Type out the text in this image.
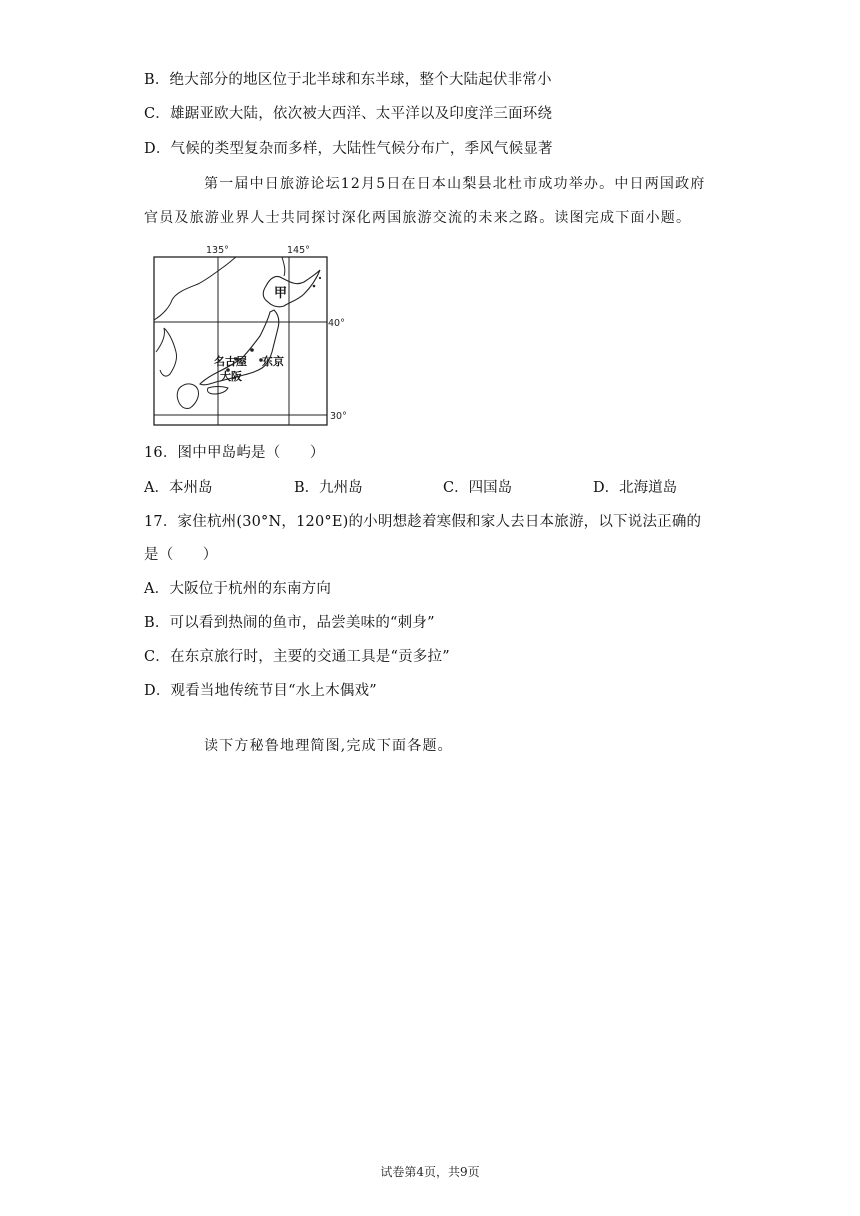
B．绝大部分的地区位于北半球和东半球，整个大陆起伏非常小
C．雄踞亚欧大陆，依次被大西洋、太平洋以及印度洋三面环绕
D．气候的类型复杂而多样，大陆性气候分布广，季风气候显著
第一届中日旅游论坛12月5日在日本山梨县北杜市成功举办。中日两国政府
官员及旅游业界人士共同探讨深化两国旅游交流的未来之路。读图完成下面小题。
135°	145°
40°
30°
甲
名古屋 东京
大阪
16．图中甲岛屿是（　　）
A．本州岛	B．九州岛	C．四国岛	D．北海道岛
17．家住杭州(30°N，120°E)的小明想趁着寒假和家人去日本旅游，以下说法正确的
是（　　）
A．大阪位于杭州的东南方向
B．可以看到热闹的鱼市，品尝美味的“刺身”
C．在东京旅行时，主要的交通工具是“贡多拉”
D．观看当地传统节目“水上木偶戏”
读下方秘鲁地理简图,完成下面各题。
试卷第4页，共9页
